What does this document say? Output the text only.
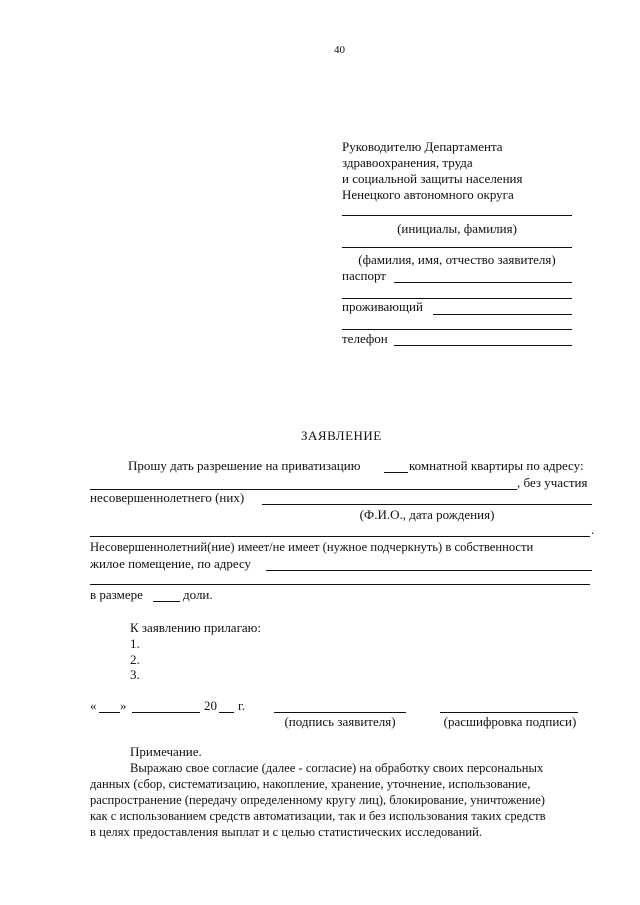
40
Руководителю Департамента
здравоохранения, труда
и социальной защиты населения
Ненецкого автономного округа
(инициалы, фамилия)
(фамилия, имя, отчество заявителя)
паспорт
проживающий
телефон
ЗАЯВЛЕНИЕ
Прошу дать разрешение на приватизацию	комнатной квартиры по адресу:
, без участия
несовершеннолетнего (них)
(Ф.И.О., дата рождения)
.
Несовершеннолетний(ние) имеет/не имеет (нужное подчеркнуть) в собственности
жилое помещение, по адресу
в размере	доли.
К заявлению прилагаю:
1.
2.
3.
« »	20 г.
(подпись заявителя)	(расшифровка подписи)
Примечание.
Выражаю свое согласие (далее - согласие) на обработку своих персональных
данных (сбор, систематизацию, накопление, хранение, уточнение, использование,
распространение (передачу определенному кругу лиц), блокирование, уничтожение)
как с использованием средств автоматизации, так и без использования таких средств
в целях предоставления выплат и с целью статистических исследований.
